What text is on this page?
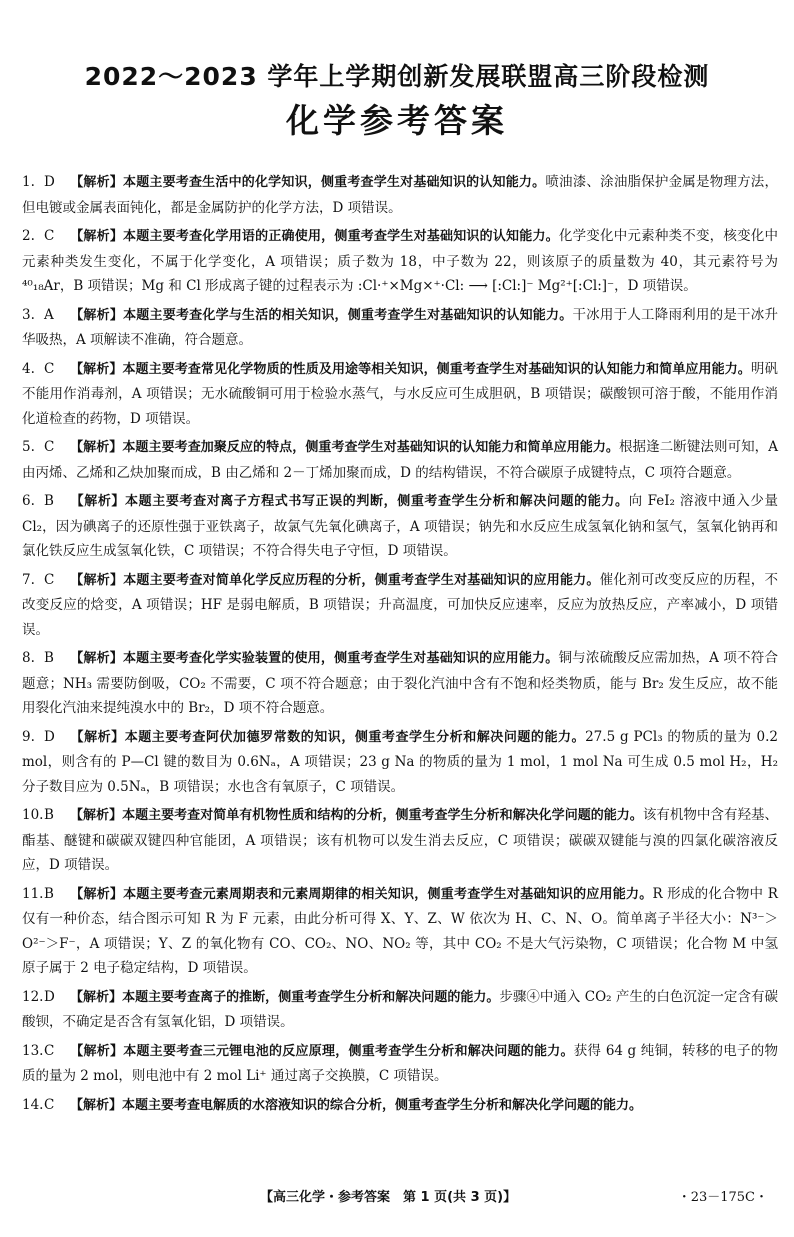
2022～2023 学年上学期创新发展联盟高三阶段检测
化学参考答案
1. D 【解析】本题主要考查生活中的化学知识，侧重考查学生对基础知识的认知能力。喷油漆、涂油脂保护金属是物理方法，但电镀或金属表面钝化，都是金属防护的化学方法，D 项错误。
2. C 【解析】本题主要考查化学用语的正确使用，侧重考查学生对基础知识的认知能力。化学变化中元素种类不变，核变化中元素种类发生变化，不属于化学变化，A 项错误；质子数为 18，中子数为 22，则该原子的质量数为 40，其元素符号为⁴⁰₁₈Ar，B 项错误；Mg 和 Cl 形成离子键的过程表示为 :Cl·⁺×Mg×⁺·Cl: ⟶ [:Cl:]⁻ Mg²⁺[:Cl:]⁻，D 项错误。
3. A 【解析】本题主要考查化学与生活的相关知识，侧重考查学生对基础知识的认知能力。干冰用于人工降雨利用的是干冰升华吸热，A 项解读不准确，符合题意。
4. C 【解析】本题主要考查常见化学物质的性质及用途等相关知识，侧重考查学生对基础知识的认知能力和简单应用能力。明矾不能用作消毒剂，A 项错误；无水硫酸铜可用于检验水蒸气，与水反应可生成胆矾，B 项错误；碳酸钡可溶于酸，不能用作消化道检查的药物，D 项错误。
5. C 【解析】本题主要考查加聚反应的特点，侧重考查学生对基础知识的认知能力和简单应用能力。根据逢二断键法则可知，A 由丙烯、乙烯和乙炔加聚而成，B 由乙烯和 2－丁烯加聚而成，D 的结构错误，不符合碳原子成键特点，C 项符合题意。
6. B 【解析】本题主要考查对离子方程式书写正误的判断，侧重考查学生分析和解决问题的能力。向 FeI₂ 溶液中通入少量 Cl₂，因为碘离子的还原性强于亚铁离子，故氯气先氧化碘离子，A 项错误；钠先和水反应生成氢氧化钠和氢气，氢氧化钠再和氯化铁反应生成氢氧化铁，C 项错误；不符合得失电子守恒，D 项错误。
7. C 【解析】本题主要考查对简单化学反应历程的分析，侧重考查学生对基础知识的应用能力。催化剂可改变反应的历程，不改变反应的焓变，A 项错误；HF 是弱电解质，B 项错误；升高温度，可加快反应速率，反应为放热反应，产率减小，D 项错误。
8. B 【解析】本题主要考查化学实验装置的使用，侧重考查学生对基础知识的应用能力。铜与浓硫酸反应需加热，A 项不符合题意；NH₃ 需要防倒吸，CO₂ 不需要，C 项不符合题意；由于裂化汽油中含有不饱和烃类物质，能与 Br₂ 发生反应，故不能用裂化汽油来提纯溴水中的 Br₂，D 项不符合题意。
9. D 【解析】本题主要考查阿伏加德罗常数的知识，侧重考查学生分析和解决问题的能力。27.5 g PCl₃ 的物质的量为 0.2 mol，则含有的 P—Cl 键的数目为 0.6Nₐ，A 项错误；23 g Na 的物质的量为 1 mol，1 mol Na 可生成 0.5 mol H₂，H₂ 分子数目应为 0.5Nₐ，B 项错误；水也含有氧原子，C 项错误。
10.B 【解析】本题主要考查对简单有机物性质和结构的分析，侧重考查学生分析和解决化学问题的能力。该有机物中含有羟基、酯基、醚键和碳碳双键四种官能团，A 项错误；该有机物可以发生消去反应，C 项错误；碳碳双键能与溴的四氯化碳溶液反应，D 项错误。
11.B 【解析】本题主要考查元素周期表和元素周期律的相关知识，侧重考查学生对基础知识的应用能力。R 形成的化合物中 R 仅有一种价态，结合图示可知 R 为 F 元素，由此分析可得 X、Y、Z、W 依次为 H、C、N、O。简单离子半径大小：N³⁻＞O²⁻＞F⁻，A 项错误；Y、Z 的氧化物有 CO、CO₂、NO、NO₂ 等，其中 CO₂ 不是大气污染物，C 项错误；化合物 M 中氢原子属于 2 电子稳定结构，D 项错误。
12.D 【解析】本题主要考查离子的推断，侧重考查学生分析和解决问题的能力。步骤④中通入 CO₂ 产生的白色沉淀一定含有碳酸钡，不确定是否含有氢氧化铝，D 项错误。
13.C 【解析】本题主要考查三元锂电池的反应原理，侧重考查学生分析和解决问题的能力。获得 64 g 纯铜，转移的电子的物质的量为 2 mol，则电池中有 2 mol Li⁺ 通过离子交换膜，C 项错误。
14.C 【解析】本题主要考查电解质的水溶液知识的综合分析，侧重考查学生分析和解决化学问题的能力。
【高三化学・参考答案　第 1 页(共 3 页)】	・23－175C・
